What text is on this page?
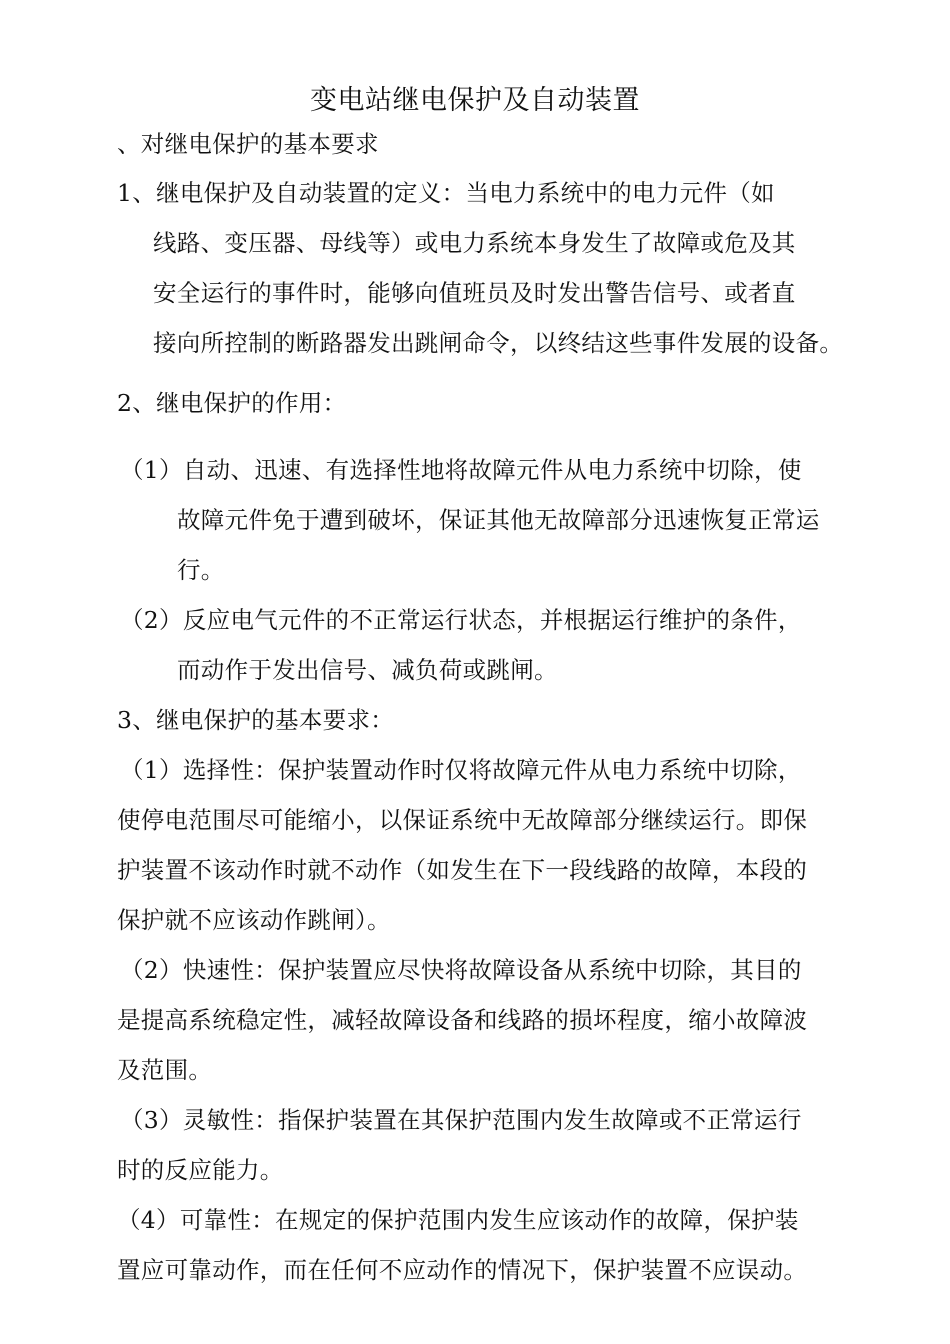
变电站继电保护及自动装置
、对继电保护的基本要求
1、继电保护及自动装置的定义：当电力系统中的电力元件（如
线路、变压器、母线等）或电力系统本身发生了故障或危及其
安全运行的事件时，能够向值班员及时发出警告信号、或者直
接向所控制的断路器发出跳闸命令，以终结这些事件发展的设备。
2、继电保护的作用：
（1）自动、迅速、有选择性地将故障元件从电力系统中切除，使
故障元件免于遭到破坏，保证其他无故障部分迅速恢复正常运
行。
（2）反应电气元件的不正常运行状态，并根据运行维护的条件，
而动作于发出信号、减负荷或跳闸。
3、继电保护的基本要求：
（1）选择性：保护装置动作时仅将故障元件从电力系统中切除，
使停电范围尽可能缩小，以保证系统中无故障部分继续运行。即保
护装置不该动作时就不动作（如发生在下一段线路的故障，本段的
保护就不应该动作跳闸）。
（2）快速性：保护装置应尽快将故障设备从系统中切除，其目的
是提高系统稳定性，减轻故障设备和线路的损坏程度，缩小故障波
及范围。
（3）灵敏性：指保护装置在其保护范围内发生故障或不正常运行
时的反应能力。
（4）可靠性：在规定的保护范围内发生应该动作的故障，保护装
置应可靠动作，而在任何不应动作的情况下，保护装置不应误动。
